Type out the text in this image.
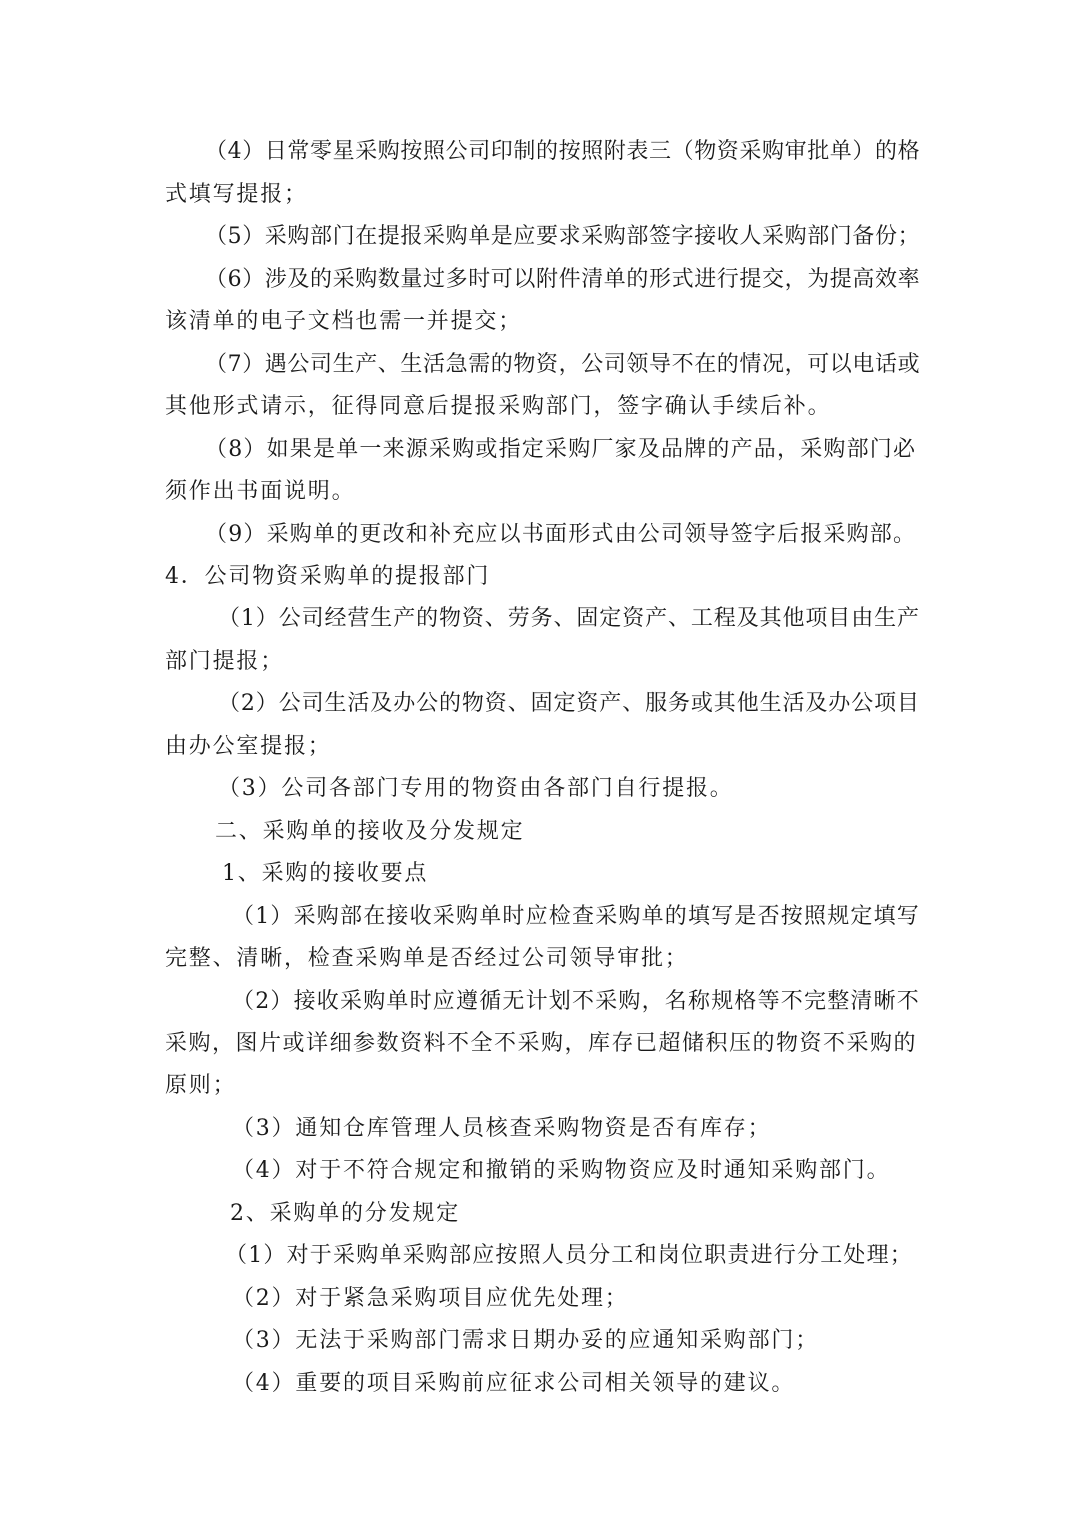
（4）日常零星采购按照公司印制的按照附表三（物资采购审批单）的格
式填写提报；
（5）采购部门在提报采购单是应要求采购部签字接收人采购部门备份；
（6）涉及的采购数量过多时可以附件清单的形式进行提交，为提高效率
该清单的电子文档也需一并提交；
（7）遇公司生产、生活急需的物资，公司领导不在的情况，可以电话或
其他形式请示，征得同意后提报采购部门，签字确认手续后补。
（8）如果是单一来源采购或指定采购厂家及品牌的产品，采购部门必
须作出书面说明。
（9）采购单的更改和补充应以书面形式由公司领导签字后报采购部。
4．公司物资采购单的提报部门
（1）公司经营生产的物资、劳务、固定资产、工程及其他项目由生产
部门提报；
（2）公司生活及办公的物资、固定资产、服务或其他生活及办公项目
由办公室提报；
（3）公司各部门专用的物资由各部门自行提报。
二、采购单的接收及分发规定
1、采购的接收要点
（1）采购部在接收采购单时应检查采购单的填写是否按照规定填写
完整、清晰，检查采购单是否经过公司领导审批；
（2）接收采购单时应遵循无计划不采购，名称规格等不完整清晰不
采购，图片或详细参数资料不全不采购，库存已超储积压的物资不采购的
原则；
（3）通知仓库管理人员核查采购物资是否有库存；
（4）对于不符合规定和撤销的采购物资应及时通知采购部门。
2、采购单的分发规定
（1）对于采购单采购部应按照人员分工和岗位职责进行分工处理；
（2）对于紧急采购项目应优先处理；
（3）无法于采购部门需求日期办妥的应通知采购部门；
（4）重要的项目采购前应征求公司相关领导的建议。
